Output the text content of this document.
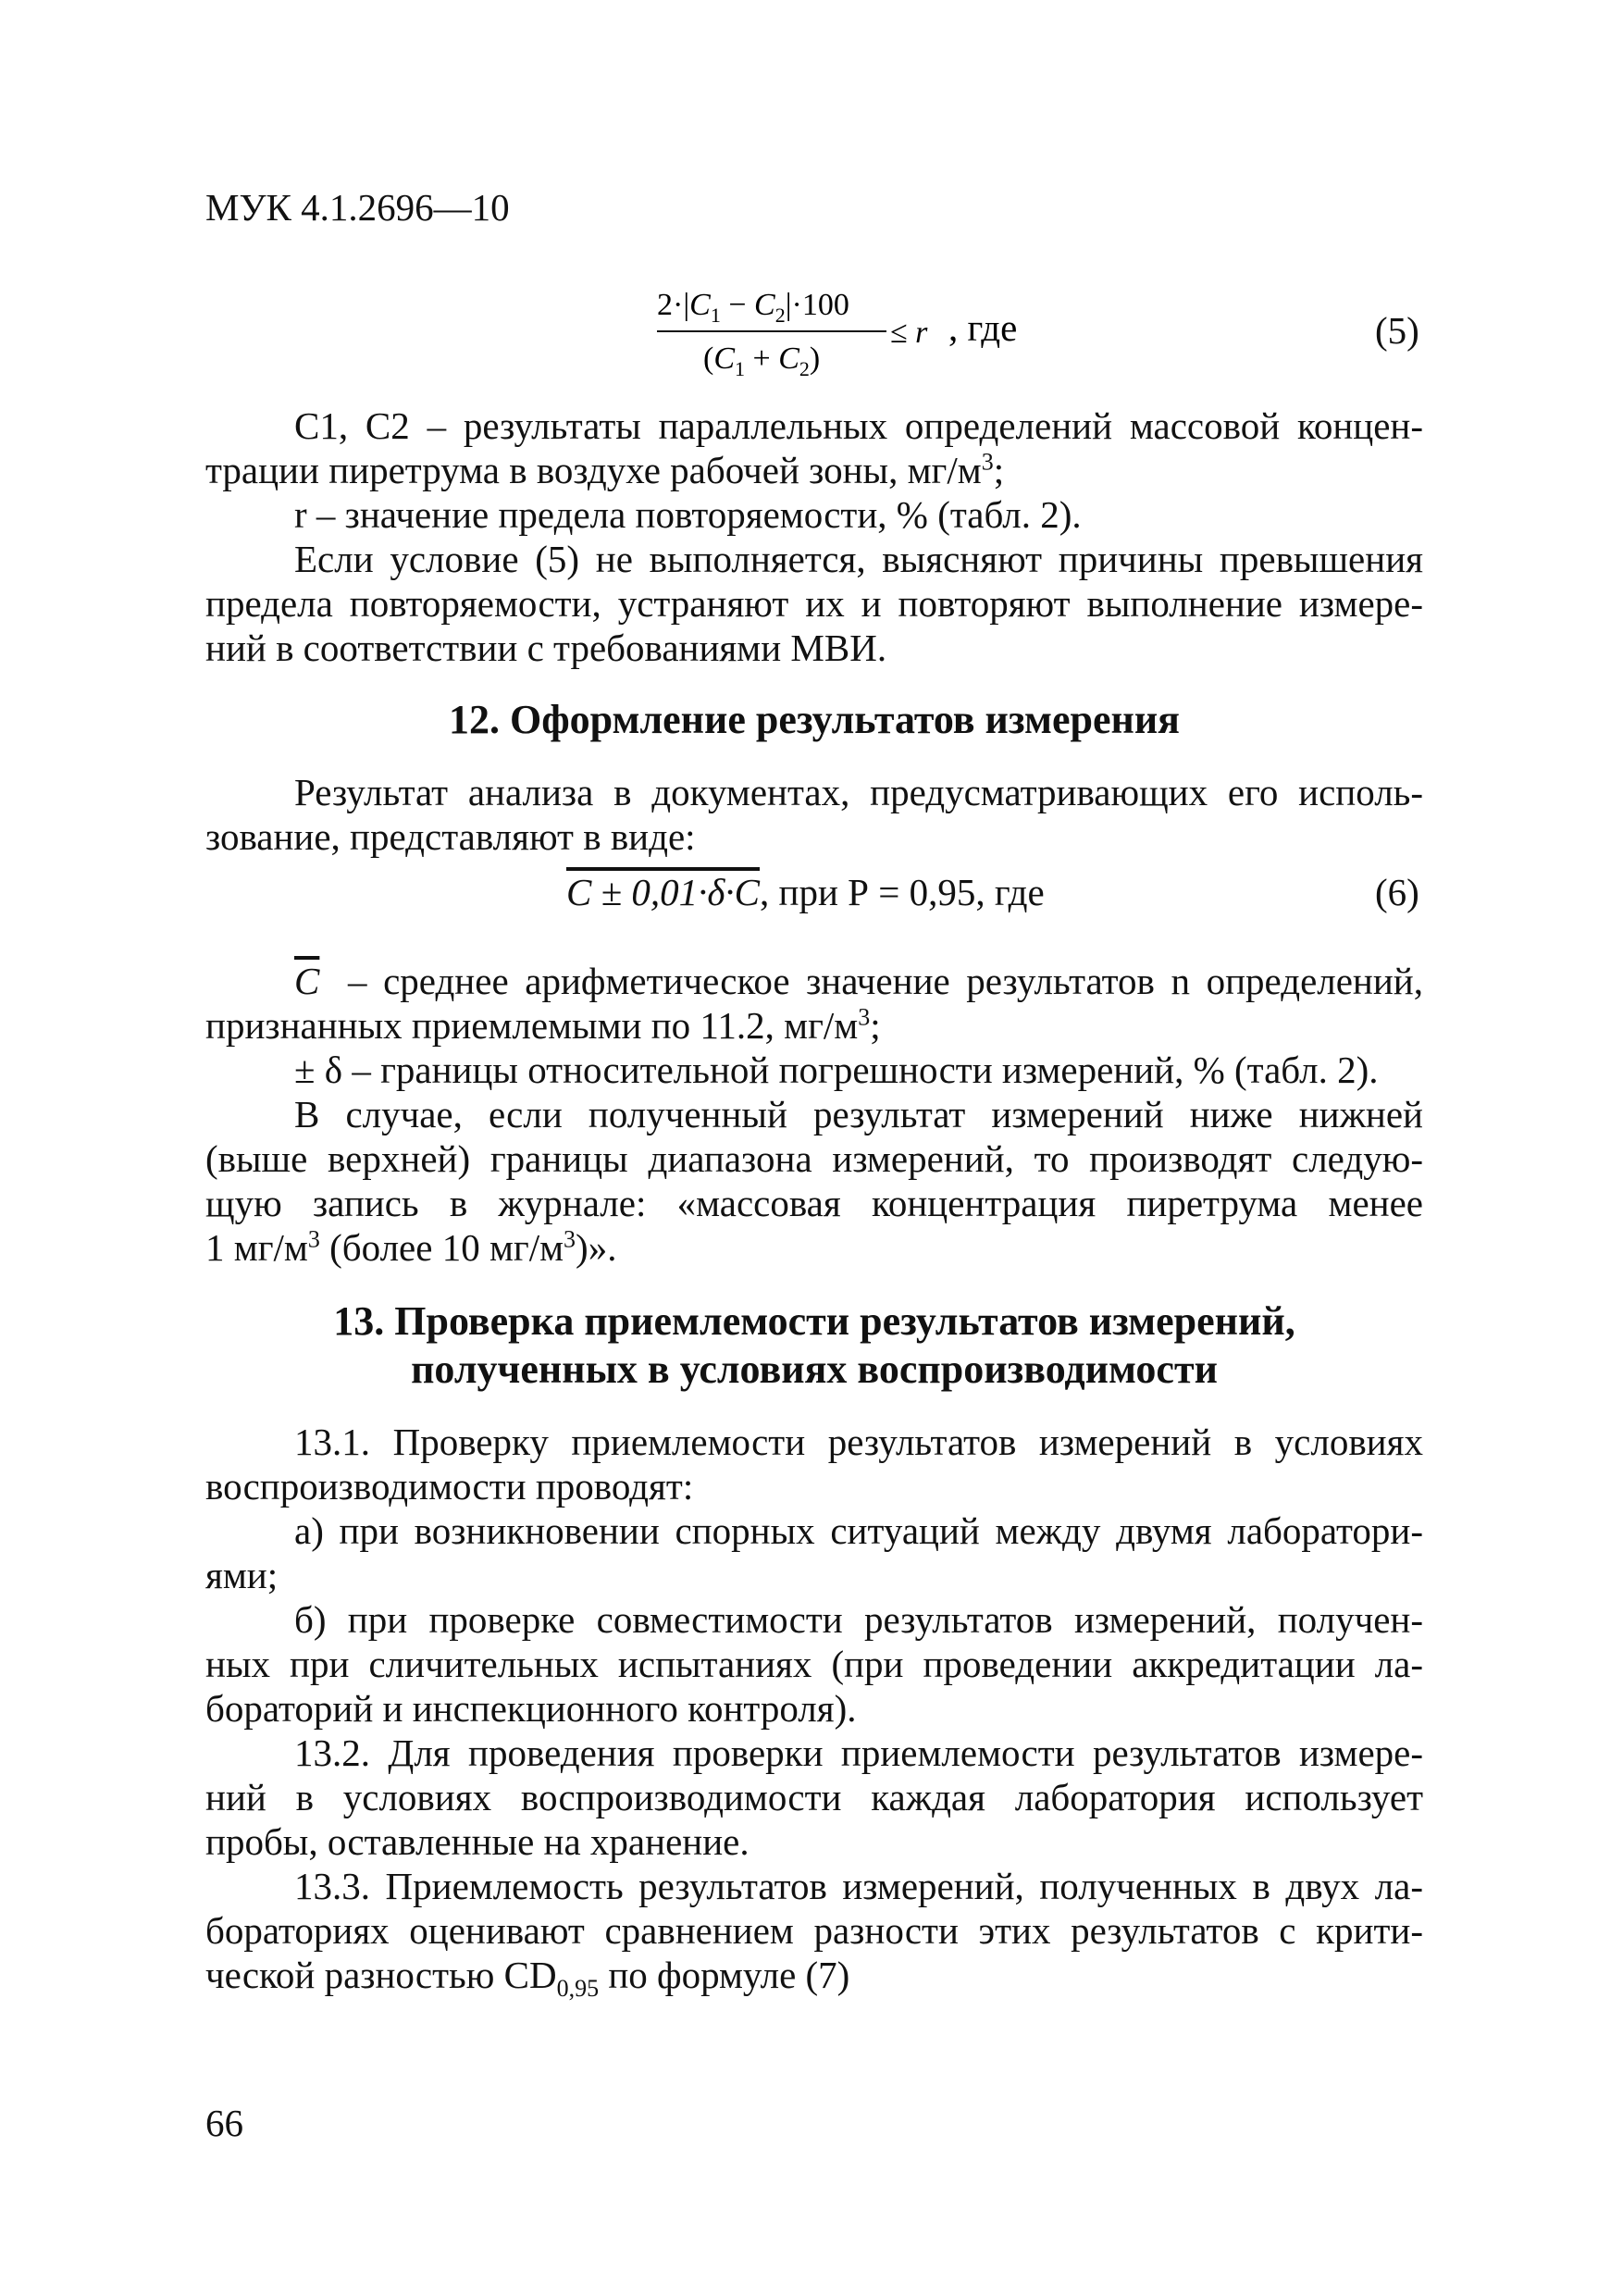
МУК 4.1.2696—10
$2\cdot|C_1 - C_2|\cdot 100$
$(C_1 + C_2)$
≤ r , где	(5)
C1, C2 – результаты параллельных определений массовой концен-
трации пиретрума в воздухе рабочей зоны, $мг/м^3$;
r – значение предела повторяемости, % (табл. 2).
Если условие (5) не выполняется, выясняют причины превышения
предела повторяемости, устраняют их и повторяют выполнение измере-
ний в соответствии с требованиями МВИ.
12. Оформление результатов измерения
Результат анализа в документах, предусматривающих его исполь-
зование, представляют в виде:
C ± 0,01·δ·C, при Р = 0,95, где	(6)
$\overline{C}$ – среднее арифметическое значение результатов n определений,
признанных приемлемыми по 11.2, $мг/м^3$;
± δ – границы относительной погрешности измерений, % (табл. 2).
В случае, если полученный результат измерений ниже нижней
(выше верхней) границы диапазона измерений, то производят следую-
щую запись в журнале: «массовая концентрация пиретрума менее
1 $мг/м^3$ (более 10 $мг/м^3$)».
13. Проверка приемлемости результатов измерений,
полученных в условиях воспроизводимости
13.1. Проверку приемлемости результатов измерений в условиях
воспроизводимости проводят:
а) при возникновении спорных ситуаций между двумя лаборатори-
ями;
б) при проверке совместимости результатов измерений, получен-
ных при сличительных испытаниях (при проведении аккредитации ла-
бораторий и инспекционного контроля).
13.2. Для проведения проверки приемлемости результатов измере-
ний в условиях воспроизводимости каждая лаборатория использует
пробы, оставленные на хранение.
13.3. Приемлемость результатов измерений, полученных в двух ла-
бораториях оценивают сравнением разности этих результатов с крити-
ческой разностью $CD_{0,95}$ по формуле (7)
66
